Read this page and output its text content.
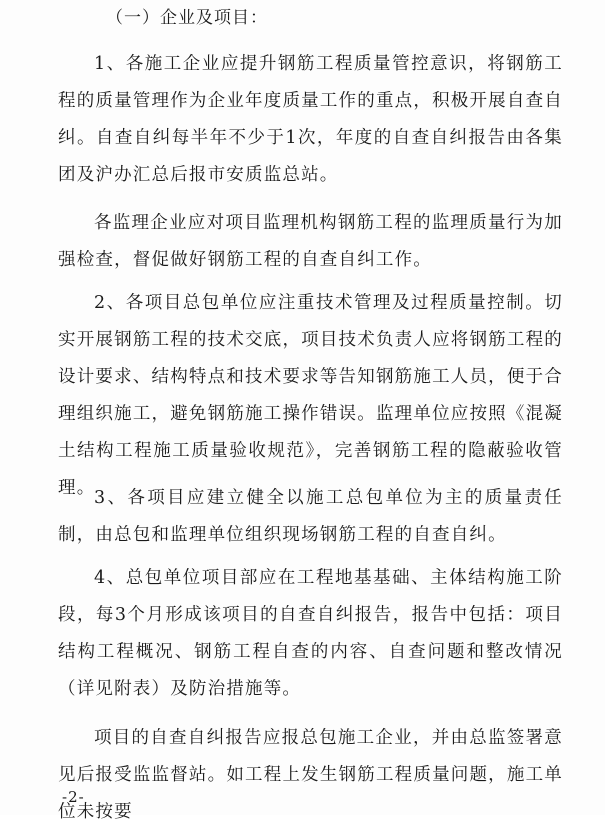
（一）企业及项目：

1、各施工企业应提升钢筋工程质量管控意识，将钢筋工程的质量管理作为企业年度质量工作的重点，积极开展自查自纠。自查自纠每半年不少于1次，年度的自查自纠报告由各集团及沪办汇总后报市安质监总站。

各监理企业应对项目监理机构钢筋工程的监理质量行为加强检查，督促做好钢筋工程的自查自纠工作。

2、各项目总包单位应注重技术管理及过程质量控制。切实开展钢筋工程的技术交底，项目技术负责人应将钢筋工程的设计要求、结构特点和技术要求等告知钢筋施工人员，便于合理组织施工，避免钢筋施工操作错误。监理单位应按照《混凝土结构工程施工质量验收规范》，完善钢筋工程的隐蔽验收管理。

3、各项目应建立健全以施工总包单位为主的质量责任制，由总包和监理单位组织现场钢筋工程的自查自纠。

4、总包单位项目部应在工程地基基础、主体结构施工阶段，每3个月形成该项目的自查自纠报告，报告中包括：项目结构工程概况、钢筋工程自查的内容、自查问题和整改情况（详见附表）及防治措施等。

项目的自查自纠报告应报总包施工企业，并由总监签署意见后报受监监督站。如工程上发生钢筋工程质量问题，施工单位未按要

-2-
